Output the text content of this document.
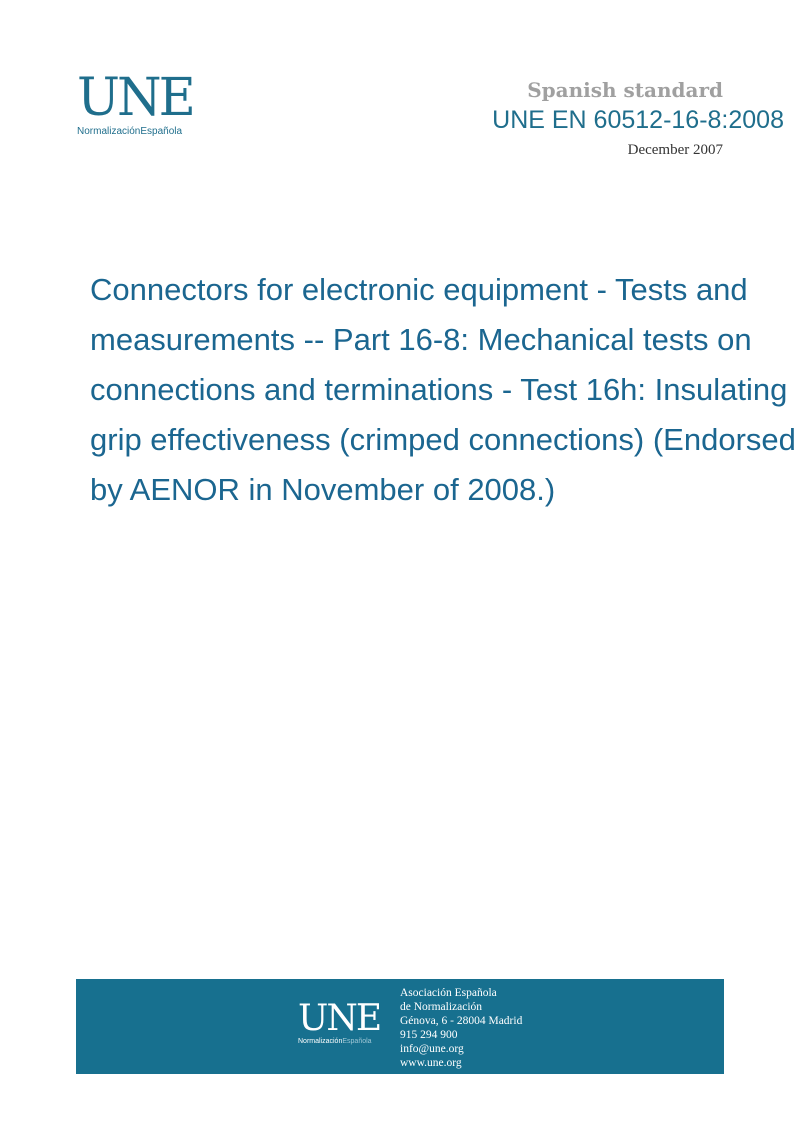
UNE
NormalizaciónEspañola
Spanish standard
UNE EN 60512-16-8:2008
December 2007
Connectors for electronic equipment - Tests and
measurements -- Part 16-8: Mechanical tests on
connections and terminations - Test 16h: Insulating
grip effectiveness (crimped connections) (Endorsed
by AENOR in November of 2008.)
UNE
NormalizaciónEspañola
Asociación Española
de Normalización
Génova, 6 - 28004 Madrid
915 294 900
info@une.org
www.une.org
